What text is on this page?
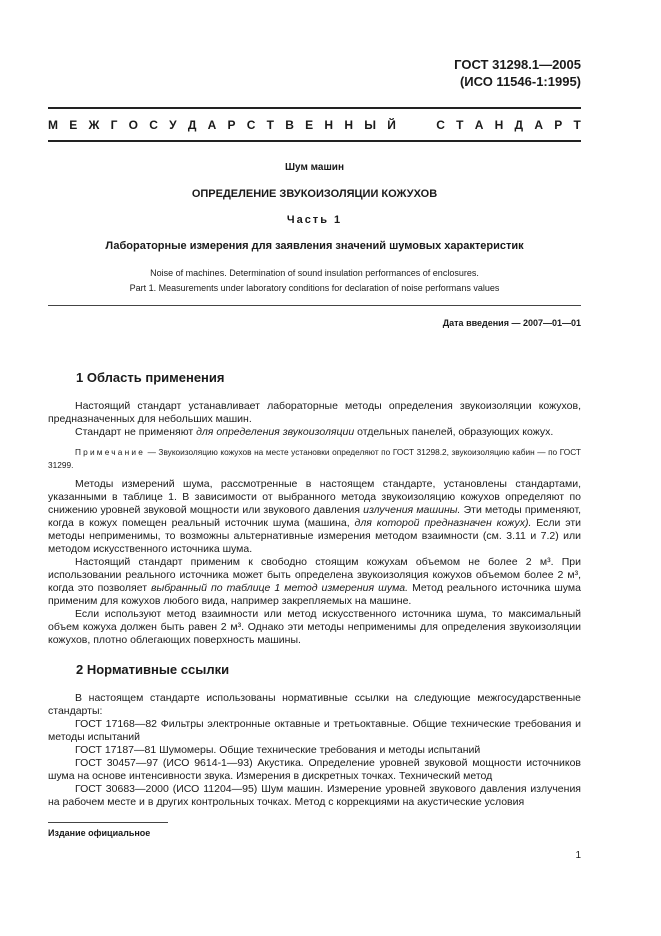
ГОСТ 31298.1—2005
(ИСО 11546-1:1995)
М Е Ж Г О С У Д А Р С Т В Е Н Н Ы Й

	С Т А Н Д А Р Т
Шум машин
ОПРЕДЕЛЕНИЕ ЗВУКОИЗОЛЯЦИИ КОЖУХОВ
Часть 1
Лабораторные измерения для заявления значений шумовых характеристик
Noise of machines. Determination of sound insulation performances of enclosures.
Part 1. Measurements under laboratory conditions for declaration of noise performans values
Дата введения — 2007—01—01
1 Область применения

Настоящий стандарт устанавливает лабораторные методы определения звукоизоляции кожухов, предназначенных для небольших машин.

Стандарт не применяют для определения звукоизоляции отдельных панелей, образующих кожух.

Примечание — Звукоизоляцию кожухов на месте установки определяют по ГОСТ 31298.2, звукоизоляцию кабин — по ГОСТ 31299.

Методы измерений шума, рассмотренные в настоящем стандарте, установлены стандартами, указанными в таблице 1. В зависимости от выбранного метода звукоизоляцию кожухов определяют по снижению уровней звуковой мощности или звукового давления излучения машины. Эти методы применяют, когда в кожух помещен реальный источник шума (машина, для которой предназначен кожух). Если эти методы неприменимы, то возможны альтернативные измерения методом взаимности (см. 3.11 и 7.2) или методом искусственного источника шума.

Настоящий стандарт применим к свободно стоящим кожухам объемом не более 2 м³. При использовании реального источника может быть определена звукоизоляция кожухов объемом более 2 м³, когда это позволяет выбранный по таблице 1 метод измерения шума. Метод реального источника шума применим для кожухов любого вида, например закрепляемых на машине.

Если используют метод взаимности или метод искусственного источника шума, то максимальный объем кожуха должен быть равен 2 м³. Однако эти методы неприменимы для определения звукоизоляции кожухов, плотно облегающих поверхность машины.

2 Нормативные ссылки

В настоящем стандарте использованы нормативные ссылки на следующие межгосударственные стандарты:

ГОСТ 17168—82 Фильтры электронные октавные и третьоктавные. Общие технические требования и методы испытаний

ГОСТ 17187—81 Шумомеры. Общие технические требования и методы испытаний

ГОСТ 30457—97 (ИСО 9614-1—93) Акустика. Определение уровней звуковой мощности источников шума на основе интенсивности звука. Измерения в дискретных точках. Технический метод

ГОСТ 30683—2000 (ИСО 11204—95) Шум машин. Измерение уровней звукового давления излучения на рабочем месте и в других контрольных точках. Метод с коррекциями на акустические условия

Издание официальное
1
